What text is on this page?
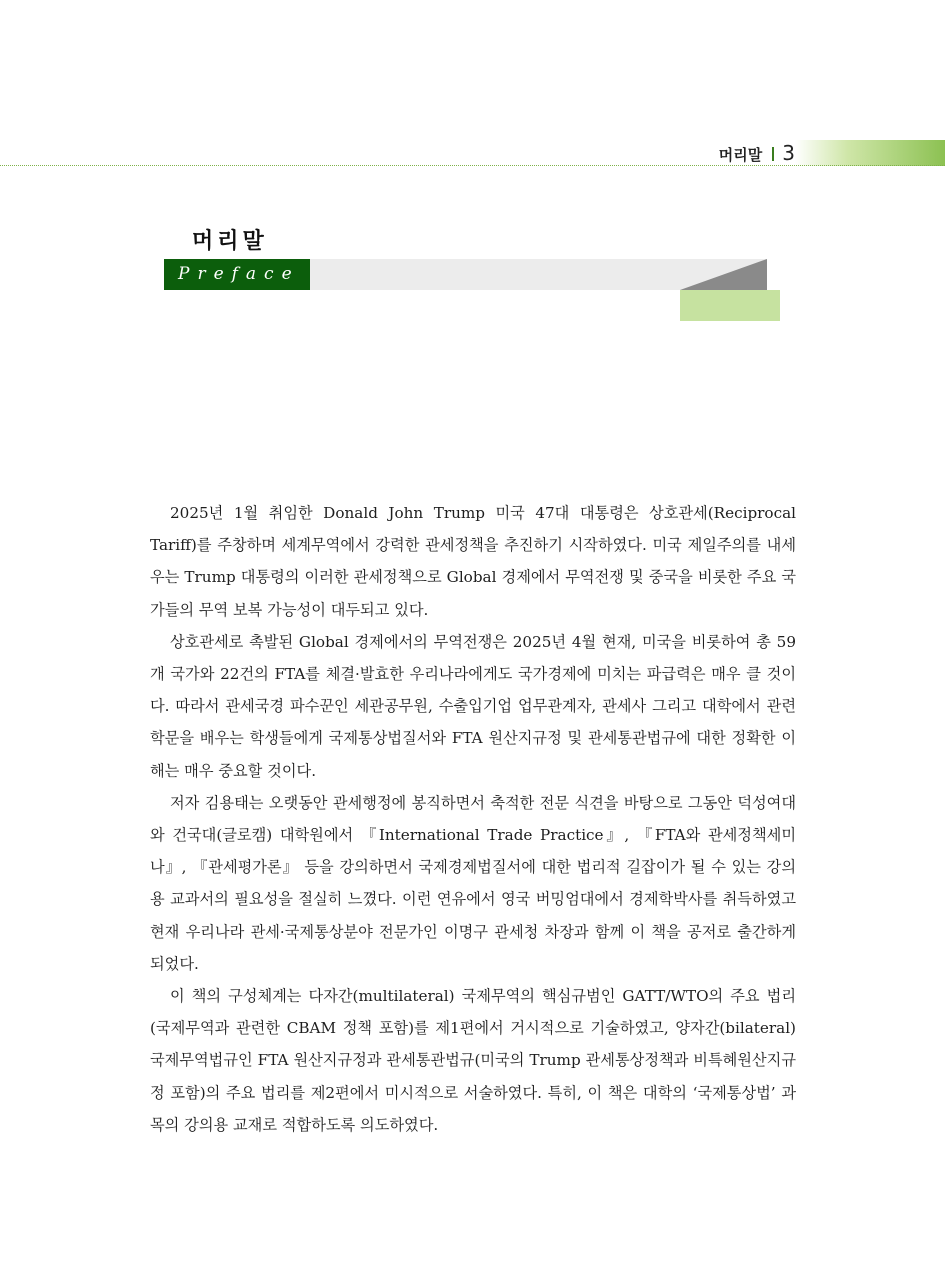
머리말 3
머리말
Preface

2025년 1월 취임한 Donald John Trump 미국 47대 대통령은 상호관세(Reciprocal Tariff)를 주창하며 세계무역에서 강력한 관세정책을 추진하기 시작하였다. 미국 제일주의를 내세우는 Trump 대통령의 이러한 관세정책으로 Global 경제에서 무역전쟁 및 중국을 비롯한 주요 국가들의 무역 보복 가능성이 대두되고 있다.

상호관세로 촉발된 Global 경제에서의 무역전쟁은 2025년 4월 현재, 미국을 비롯하여 총 59개 국가와 22건의 FTA를 체결·발효한 우리나라에게도 국가경제에 미치는 파급력은 매우 클 것이다. 따라서 관세국경 파수꾼인 세관공무원, 수출입기업 업무관계자, 관세사 그리고 대학에서 관련 학문을 배우는 학생들에게 국제통상법질서와 FTA 원산지규정 및 관세통관법규에 대한 정확한 이해는 매우 중요할 것이다.

저자 김용태는 오랫동안 관세행정에 봉직하면서 축적한 전문 식견을 바탕으로 그동안 덕성여대와 건국대(글로캠) 대학원에서 『International Trade Practice』, 『FTA와 관세정책세미나』, 『관세평가론』 등을 강의하면서 국제경제법질서에 대한 법리적 길잡이가 될 수 있는 강의용 교과서의 필요성을 절실히 느꼈다. 이런 연유에서 영국 버밍엄대에서 경제학박사를 취득하였고 현재 우리나라 관세·국제통상분야 전문가인 이명구 관세청 차장과 함께 이 책을 공저로 출간하게 되었다.

이 책의 구성체계는 다자간(multilateral) 국제무역의 핵심규범인 GATT/WTO의 주요 법리(국제무역과 관련한 CBAM 정책 포함)를 제1편에서 거시적으로 기술하였고, 양자간(bilateral) 국제무역법규인 FTA 원산지규정과 관세통관법규(미국의 Trump 관세통상정책과 비특혜원산지규정 포함)의 주요 법리를 제2편에서 미시적으로 서술하였다. 특히, 이 책은 대학의 ‘국제통상법’ 과목의 강의용 교재로 적합하도록 의도하였다.
